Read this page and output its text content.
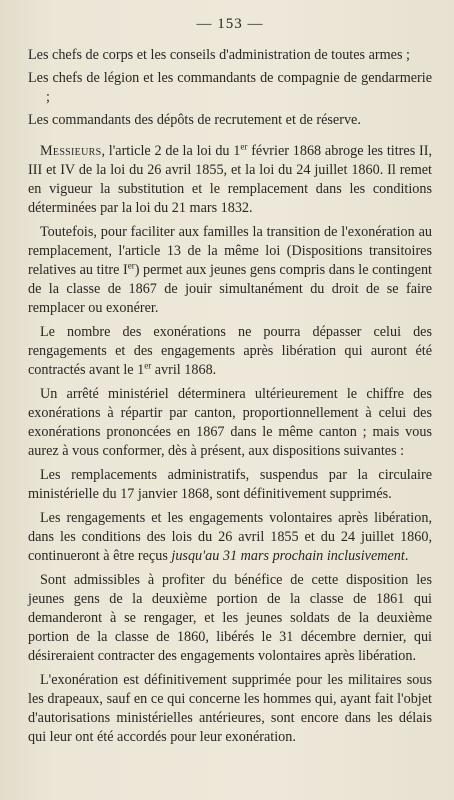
— 153 —
Les chefs de corps et les conseils d'administration de toutes armes ;
Les chefs de légion et les commandants de compagnie de gendarmerie ;
Les commandants des dépôts de recrutement et de réserve.

Messieurs, l'article 2 de la loi du 1er février 1868 abroge les titres II, III et IV de la loi du 26 avril 1855, et la loi du 24 juillet 1860. Il remet en vigueur la substitution et le remplacement dans les conditions déterminées par la loi du 21 mars 1832.

Toutefois, pour faciliter aux familles la transition de l'exonération au remplacement, l'article 13 de la même loi (Dispositions transitoires relatives au titre Ier) permet aux jeunes gens compris dans le contingent de la classe de 1867 de jouir simultanément du droit de se faire remplacer ou exonérer.

Le nombre des exonérations ne pourra dépasser celui des rengagements et des engagements après libération qui auront été contractés avant le 1er avril 1868.

Un arrêté ministériel déterminera ultérieurement le chiffre des exonérations à répartir par canton, proportionnellement à celui des exonérations prononcées en 1867 dans le même canton ; mais vous aurez à vous conformer, dès à présent, aux dispositions suivantes :

Les remplacements administratifs, suspendus par la circulaire ministérielle du 17 janvier 1868, sont définitivement supprimés.

Les rengagements et les engagements volontaires après libération, dans les conditions des lois du 26 avril 1855 et du 24 juillet 1860, continueront à être reçus jusqu'au 31 mars prochain inclusivement.

Sont admissibles à profiter du bénéfice de cette disposition les jeunes gens de la deuxième portion de la classe de 1861 qui demanderont à se rengager, et les jeunes soldats de la deuxième portion de la classe de 1860, libérés le 31 décembre dernier, qui désireraient contracter des engagements volontaires après libération.

L'exonération est définitivement supprimée pour les militaires sous les drapeaux, sauf en ce qui concerne les hommes qui, ayant fait l'objet d'autorisations ministérielles antérieures, sont encore dans les délais qui leur ont été accordés pour leur exonération.
